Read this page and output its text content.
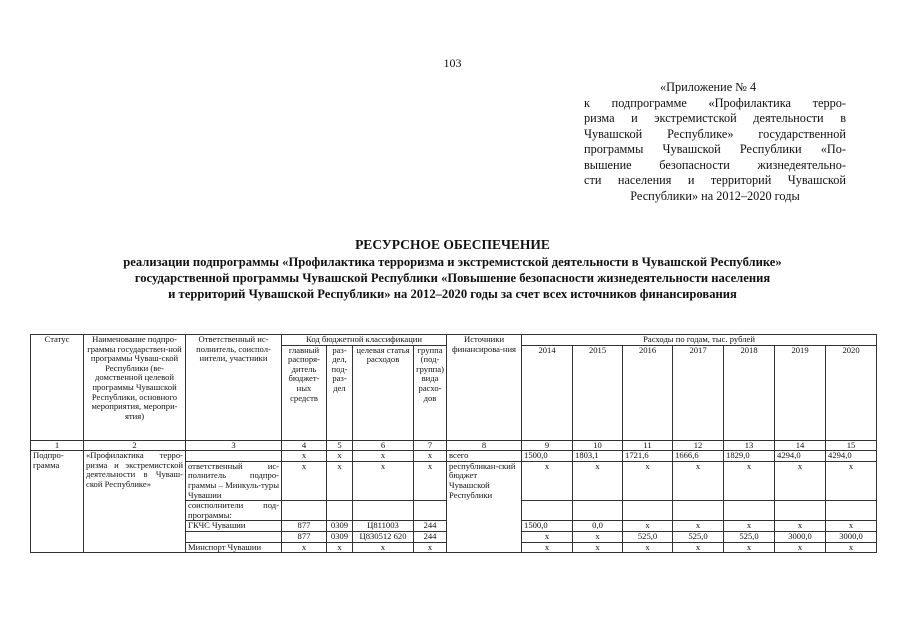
103
«Приложение № 4
к подпрограмме «Профилактика терро-
ризма и экстремистской деятельности в
Чувашской Республике» государственной
программы Чувашской Республики «По-
вышение безопасности жизнедеятельно-
сти населения и территорий Чувашской
Республики» на 2012–2020 годы
РЕСУРСНОЕ ОБЕСПЕЧЕНИЕ
реализации подпрограммы «Профилактика терроризма и экстремистской деятельности в Чувашской Республике»
государственной программы Чувашской Республики «Повышение безопасности жизнедеятельности населения
и территорий Чувашской Республики» на 2012–2020 годы за счет всех источников финансирования
Статус	Наименование подпро-граммы государствен-ной программы Чуваш-ской Республики (ве-домственной целевой программы Чувашской Республики, основного мероприятия, меропри-ятия)	Ответственный ис-полнитель, соиспол-нители, участники	Код бюджетной классификации				Источники финансирова-ния	Расходы по годам, тыс. рублей						
			главный распоря-дитель бюджет-ных средств	раз-дел, под-раз-дел	целевая статья расходов	группа (под-группа) вида расхо-дов		2014	2015	2016	2017	2018	2019	2020
1	2	3	4	5	6	7	8	9	10	11	12	13	14	15
Подпро-грамма	«Профилактика терро-ризма и экстремистской деятельности в Чуваш-ской Республике»		x	x	x	x	всего	1500,0	1803,1	1721,6	1666,6	1829,0	4294,0	4294,0
		ответственный ис-полнитель подпро-граммы – Минкуль-туры Чувашии	x	x	x	x	республикан-ский бюджет Чувашской Республики	x	x	x	x	x	x	x
		соисполнители под-программы:												
		ГКЧС Чувашии	877	0309	Ц811003	244		1500,0	0,0	x	x	x	x	x
			877	0309	Ц830512 620	244		x	x	525,0	525,0	525,0	3000,0	3000,0
		Минспорт Чувашии	x	x	x	x		x	x	x	x	x	x	x
